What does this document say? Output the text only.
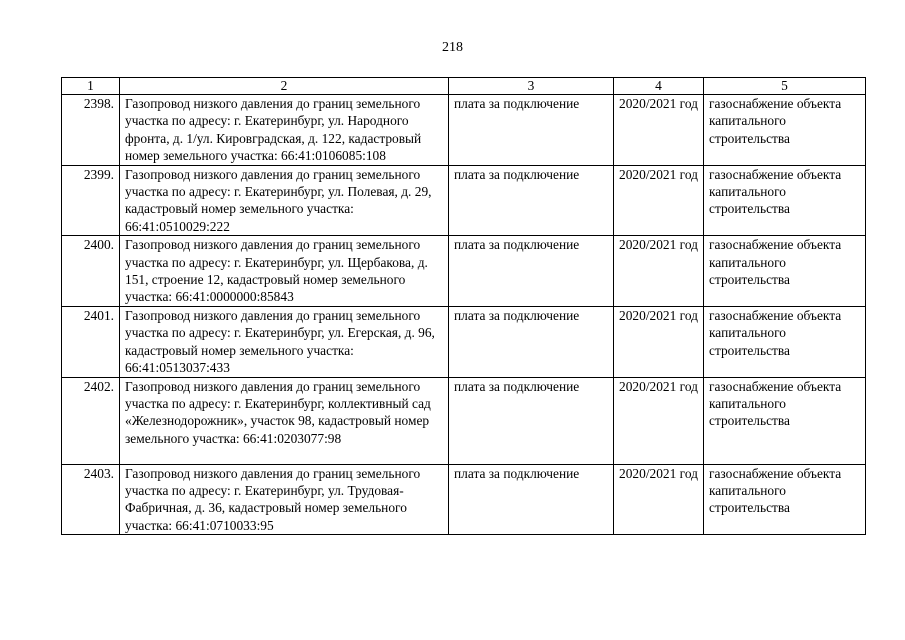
218
1	2	3	4	5
2398.	Газопровод низкого давления до границ земельного участка по адресу: г. Екатеринбург, ул. Народного фронта, д. 1/ул. Кировградская, д. 122, кадастровый номер земельного участка: 66:41:0106085:108	плата за подключение	2020/2021 год	газоснабжение объекта капитального строительства
2399.	Газопровод низкого давления до границ земельного участка по адресу: г. Екатеринбург, ул. Полевая, д. 29, кадастровый номер земельного участка: 66:41:0510029:222	плата за подключение	2020/2021 год	газоснабжение объекта капитального строительства
2400.	Газопровод низкого давления до границ земельного участка по адресу: г. Екатеринбург, ул. Щербакова, д. 151, строение 12, кадастровый номер земельного участка: 66:41:0000000:85843	плата за подключение	2020/2021 год	газоснабжение объекта капитального строительства
2401.	Газопровод низкого давления до границ земельного участка по адресу: г. Екатеринбург, ул. Егерская, д. 96, кадастровый номер земельного участка: 66:41:0513037:433	плата за подключение	2020/2021 год	газоснабжение объекта капитального строительства
2402.	Газопровод низкого давления до границ земельного участка по адресу: г. Екатеринбург, коллективный сад «Железнодорожник», участок 98, кадастровый номер земельного участка: 66:41:0203077:98	плата за подключение	2020/2021 год	газоснабжение объекта капитального строительства
2403.	Газопровод низкого давления до границ земельного участка по адресу: г. Екатеринбург, ул. Трудовая-Фабричная, д. 36, кадастровый номер земельного участка: 66:41:0710033:95	плата за подключение	2020/2021 год	газоснабжение объекта капитального строительства
